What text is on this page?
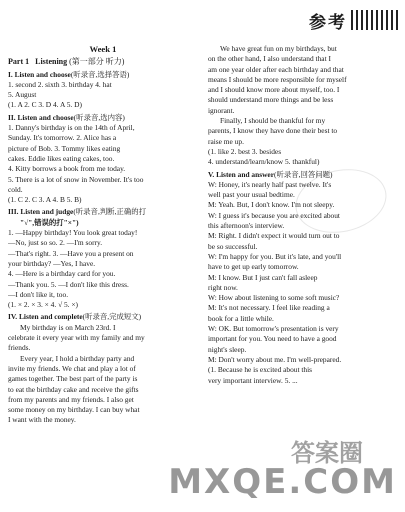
参考
Week 1
Part 1 Listening (第一部分 听力)
I. Listen and choose(听录音,选择答语)
1. second 2. sixth 3. birthday 4. hat
5. August
(1. A 2. C 3. D 4. A 5. D)
II. Listen and choose(听录音,选内容)
1. Danny's birthday is on the 14th of April,
Sunday. It's tomorrow. 2. Alice has a
picture of Bob. 3. Tommy likes eating
cakes. Eddie likes eating cakes, too.
4. Kitty borrows a book from me today.
5. There is a lot of snow in November. It's too
cold.
(1. C 2. C 3. A 4. B 5. B)
III. Listen and judge(听录音,判断,正确的打
"√",错误的打"×")
1. —Happy birthday! You look great today!
—No, just so so. 2. —I'm sorry.
—That's right. 3. —Have you a present on
your birthday? —Yes, I have.
4. —Here is a birthday card for you.
—Thank you. 5. —I don't like this dress.
—I don't like it, too.
(1. × 2. × 3. × 4. √ 5. ×)
IV. Listen and complete(听录音,完成短文)
My birthday is on March 23rd. I
celebrate it every year with my family and my
friends.
Every year, I hold a birthday party and
invite my friends. We chat and play a lot of
games together. The best part of the party is
to eat the birthday cake and receive the gifts
from my parents and my friends. I also get
some money on my birthday. I can buy what
I want with the money.
We have great fun on my birthdays, but
on the other hand, I also understand that I
am one year older after each birthday and that
means I should be more responsible for myself
and I should know more about myself, too. I
should understand more things and be less
ignorant.
Finally, I should be thankful for my
parents, I know they have done their best to
raise me up.
(1. like 2. best 3. besides
4. understand/learn/know 5. thankful)
V. Listen and answer(听录音,回答问题)
W: Honey, it's nearly half past twelve. It's
well past your usual bedtime.
M: Yeah. But, I don't know. I'm not sleepy.
W: I guess it's because you are excited about
this afternoon's interview.
M: Right. I didn't expect it would turn out to
be so successful.
W: I'm happy for you. But it's late, and you'll
have to get up early tomorrow.
M: I know. But I just can't fall asleep
right now.
W: How about listening to some soft music?
M: It's not necessary. I feel like reading a
book for a little while.
W: OK. But tomorrow's presentation is very
important for you. You need to have a good
night's sleep.
M: Don't worry about me. I'm well-prepared.
(1. Because he is excited about this
very important interview. 5. ...
答案圈
MXQE.COM
